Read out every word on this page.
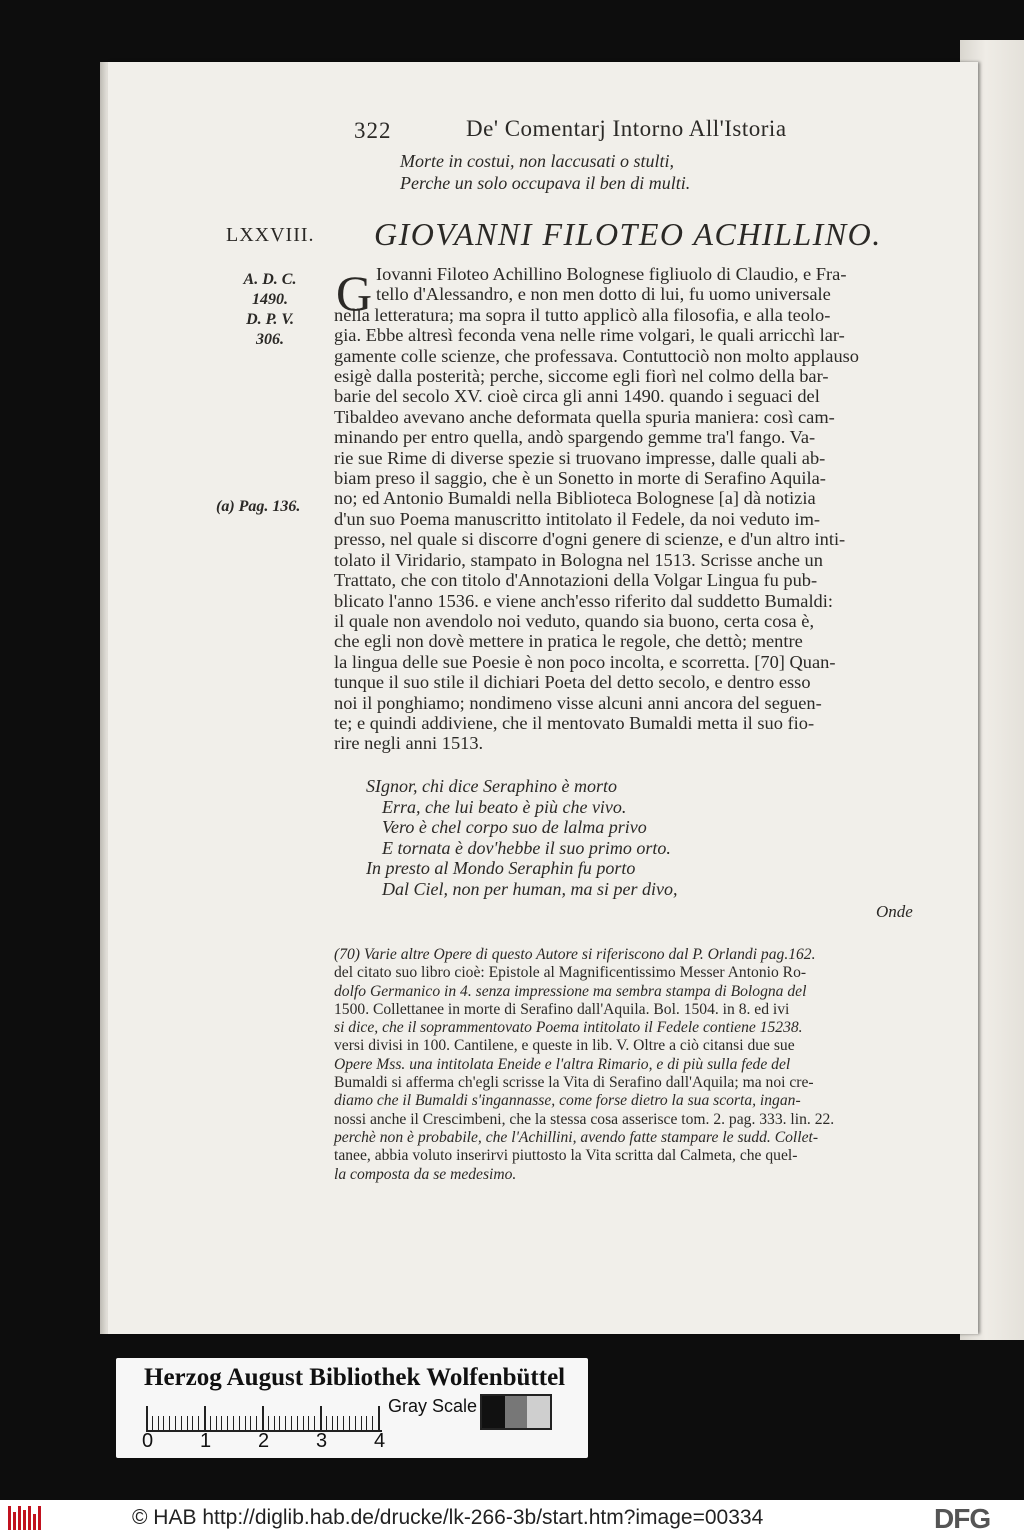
322	De' Comentarj Intorno All'Istoria
Morte in costui, non laccusati o stulti,
Perche un solo occupava il ben di multi.
LXXVIII. GIOVANNI FILOTEO ACHILLINO.
A. D. C.
1490.
D. P. V.
306.
(a) Pag. 136.
G Iovanni Filoteo Achillino Bolognese figliuolo di Claudio, e Fra-
tello d'Alessandro, e non men dotto di lui, fu uomo universale
nella letteratura; ma sopra il tutto applicò alla filosofia, e alla teolo-
gia. Ebbe altresì feconda vena nelle rime volgari, le quali arricchì lar-
gamente colle scienze, che professava. Contuttociò non molto applauso
esigè dalla posterità; perche, siccome egli fiorì nel colmo della bar-
barie del secolo XV. cioè circa gli anni 1490. quando i seguaci del
Tibaldeo avevano anche deformata quella spuria maniera: così cam-
minando per entro quella, andò spargendo gemme tra'l fango. Va-
rie sue Rime di diverse spezie si truovano impresse, dalle quali ab-
biam preso il saggio, che è un Sonetto in morte di Serafino Aquila-
no; ed Antonio Bumaldi nella Biblioteca Bolognese [a] dà notizia
d'un suo Poema manuscritto intitolato il Fedele, da noi veduto im-
presso, nel quale si discorre d'ogni genere di scienze, e d'un altro inti-
tolato il Viridario, stampato in Bologna nel 1513. Scrisse anche un
Trattato, che con titolo d'Annotazioni della Volgar Lingua fu pub-
blicato l'anno 1536. e viene anch'esso riferito dal suddetto Bumaldi:
il quale non avendolo noi veduto, quando sia buono, certa cosa è,
che egli non dovè mettere in pratica le regole, che dettò; mentre
la lingua delle sue Poesie è non poco incolta, e scorretta. [70] Quan-
tunque il suo stile il dichiari Poeta del detto secolo, e dentro esso
noi il ponghiamo; nondimeno visse alcuni anni ancora del seguen-
te; e quindi addiviene, che il mentovato Bumaldi metta il suo fio-
rire negli anni 1513.
SIgnor, chi dice Seraphino è morto
Erra, che lui beato è più che vivo.
Vero è chel corpo suo de lalma privo
E tornata è dov'hebbe il suo primo orto.
In presto al Mondo Seraphin fu porto
Dal Ciel, non per human, ma si per divo,
Onde
(70) Varie altre Opere di questo Autore si riferiscono dal P. Orlandi pag.162.
del citato suo libro cioè: Epistole al Magnificentissimo Messer Antonio Ro-
dolfo Germanico in 4. senza impressione ma sembra stampa di Bologna del
1500. Collettanee in morte di Serafino dall'Aquila. Bol. 1504. in 8. ed ivi
si dice, che il soprammentovato Poema intitolato il Fedele contiene 15238.
versi divisi in 100. Cantilene, e queste in lib. V. Oltre a ciò citansi due sue
Opere Mss. una intitolata Eneide e l'altra Rimario, e di più sulla fede del
Bumaldi si afferma ch'egli scrisse la Vita di Serafino dall'Aquila; ma noi cre-
diamo che il Bumaldi s'ingannasse, come forse dietro la sua scorta, ingan-
nossi anche il Crescimbeni, che la stessa cosa asserisce tom. 2. pag. 333. lin. 22.
perchè non è probabile, che l'Achillini, avendo fatte stampare le sudd. Collet-
tanee, abbia voluto inserirvi piuttosto la Vita scritta dal Calmeta, che quel-
la composta da se medesimo.
Herzog August Bibliothek Wolfenbüttel
Gray Scale
0 1 2 3 4
© HAB http://diglib.hab.de/drucke/lk-266-3b/start.htm?image=00334	DFG
